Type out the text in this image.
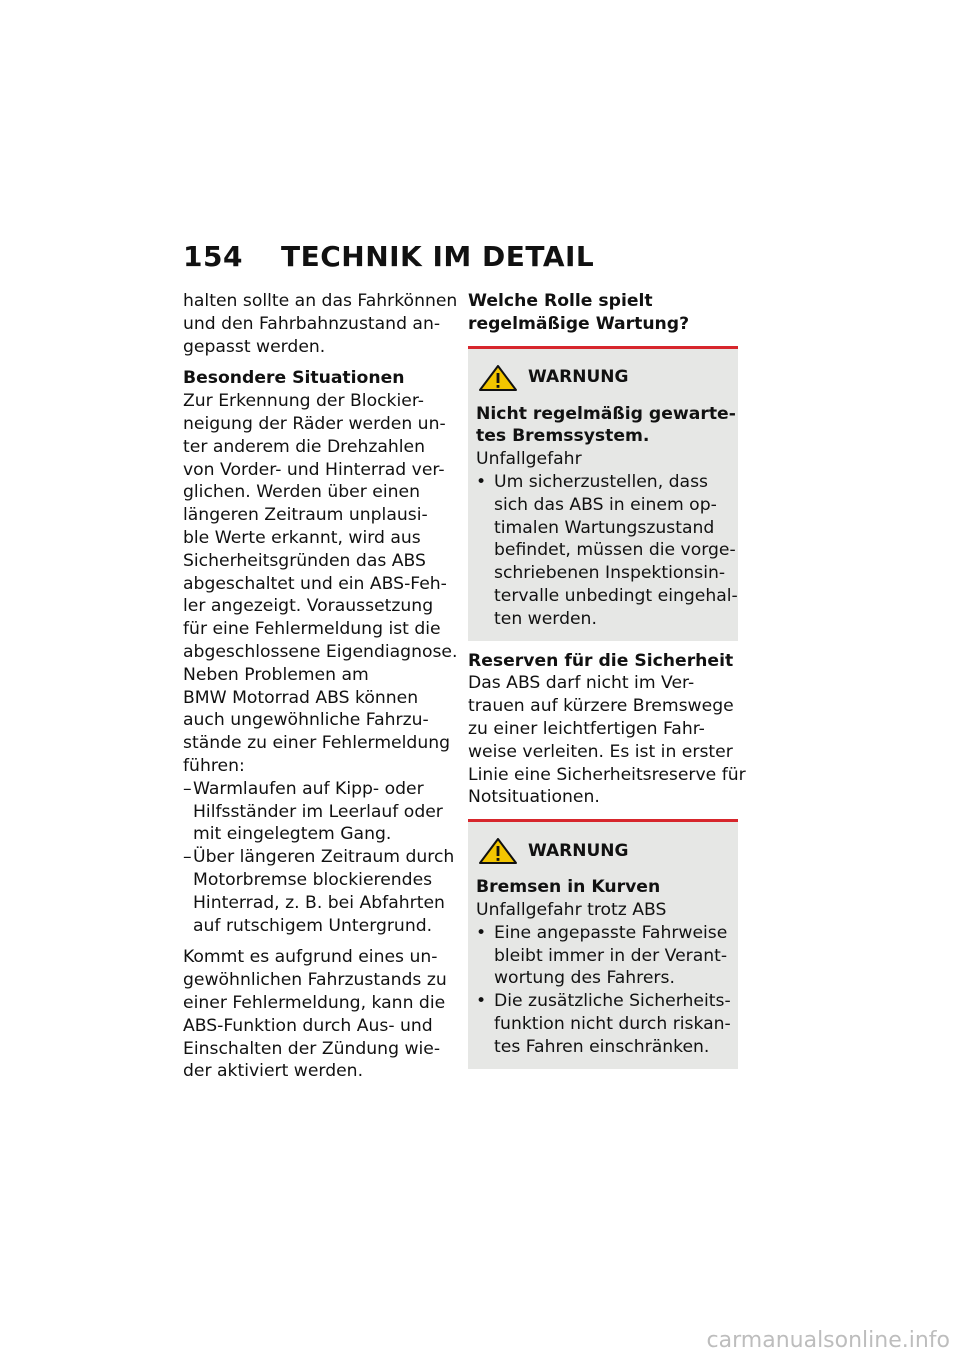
154 TECHNIK IM DETAIL
halten sollte an das Fahrkönnen
und den Fahrbahnzustand an-
gepasst werden.
Besondere Situationen
Zur Erkennung der Blockier-
neigung der Räder werden un-
ter anderem die Drehzahlen
von Vorder- und Hinterrad ver-
glichen. Werden über einen
längeren Zeitraum unplausi-
ble Werte erkannt, wird aus
Sicherheitsgründen das ABS
abgeschaltet und ein ABS-Feh-
ler angezeigt. Voraussetzung
für eine Fehlermeldung ist die
abgeschlossene Eigendiagnose.
Neben Problemen am
BMW Motorrad ABS können
auch ungewöhnliche Fahrzu-
stände zu einer Fehlermeldung
führen:
– Warmlaufen auf Kipp- oder
Hilfsständer im Leerlauf oder
mit eingelegtem Gang.
– Über längeren Zeitraum durch
Motorbremse blockierendes
Hinterrad, z. B. bei Abfahrten
auf rutschigem Untergrund.
Kommt es aufgrund eines un-
gewöhnlichen Fahrzustands zu
einer Fehlermeldung, kann die
ABS-Funktion durch Aus- und
Einschalten der Zündung wie-
der aktiviert werden.
Welche Rolle spielt
regelmäßige Wartung?
WARNUNG
Nicht regelmäßig gewarte-
tes Bremssystem.
Unfallgefahr
• Um sicherzustellen, dass
sich das ABS in einem op-
timalen Wartungszustand
befindet, müssen die vorge-
schriebenen Inspektionsin-
tervalle unbedingt eingehal-
ten werden.
Reserven für die Sicherheit
Das ABS darf nicht im Ver-
trauen auf kürzere Bremswege
zu einer leichtfertigen Fahr-
weise verleiten. Es ist in erster
Linie eine Sicherheitsreserve für
Notsituationen.
WARNUNG
Bremsen in Kurven
Unfallgefahr trotz ABS
• Eine angepasste Fahrweise
bleibt immer in der Verant-
wortung des Fahrers.
• Die zusätzliche Sicherheits-
funktion nicht durch riskan-
tes Fahren einschränken.
carmanualsonline.info
